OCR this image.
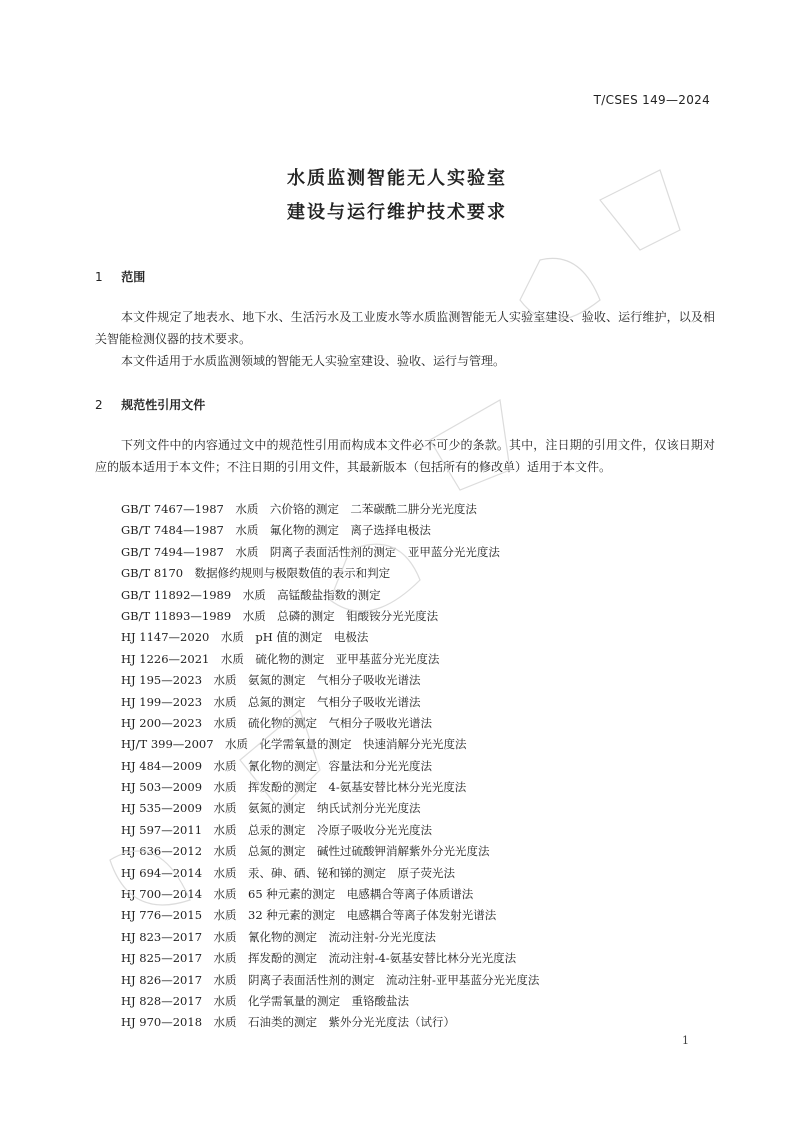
T/CSES 149—2024
水质监测智能无人实验室
建设与运行维护技术要求
1 范围
本文件规定了地表水、地下水、生活污水及工业废水等水质监测智能无人实验室建设、验收、运行维护，以及相关智能检测仪器的技术要求。
本文件适用于水质监测领域的智能无人实验室建设、验收、运行与管理。
2 规范性引用文件
下列文件中的内容通过文中的规范性引用而构成本文件必不可少的条款。其中，注日期的引用文件，仅该日期对应的版本适用于本文件；不注日期的引用文件，其最新版本（包括所有的修改单）适用于本文件。
GB/T 7467—1987　水质　六价铬的测定　二苯碳酰二肼分光光度法
GB/T 7484—1987　水质　氟化物的测定　离子选择电极法
GB/T 7494—1987　水质　阴离子表面活性剂的测定　亚甲蓝分光光度法
GB/T 8170　数据修约规则与极限数值的表示和判定
GB/T 11892—1989　水质　高锰酸盐指数的测定
GB/T 11893—1989　水质　总磷的测定　钼酸铵分光光度法
HJ 1147—2020　水质　pH 值的测定　电极法
HJ 1226—2021　水质　硫化物的测定　亚甲基蓝分光光度法
HJ 195—2023　水质　氨氮的测定　气相分子吸收光谱法
HJ 199—2023　水质　总氮的测定　气相分子吸收光谱法
HJ 200—2023　水质　硫化物的测定　气相分子吸收光谱法
HJ/T 399—2007　水质　化学需氧量的测定　快速消解分光光度法
HJ 484—2009　水质　氰化物的测定　容量法和分光光度法
HJ 503—2009　水质　挥发酚的测定　4-氨基安替比林分光光度法
HJ 535—2009　水质　氨氮的测定　纳氏试剂分光光度法
HJ 597—2011　水质　总汞的测定　冷原子吸收分光光度法
HJ 636—2012　水质　总氮的测定　碱性过硫酸钾消解紫外分光光度法
HJ 694—2014　水质　汞、砷、硒、铋和锑的测定　原子荧光法
HJ 700—2014　水质　65 种元素的测定　电感耦合等离子体质谱法
HJ 776—2015　水质　32 种元素的测定　电感耦合等离子体发射光谱法
HJ 823—2017　水质　氰化物的测定　流动注射-分光光度法
HJ 825—2017　水质　挥发酚的测定　流动注射-4-氨基安替比林分光光度法
HJ 826—2017　水质　阴离子表面活性剂的测定　流动注射-亚甲基蓝分光光度法
HJ 828—2017　水质　化学需氧量的测定　重铬酸盐法
HJ 970—2018　水质　石油类的测定　紫外分光光度法（试行）
1
